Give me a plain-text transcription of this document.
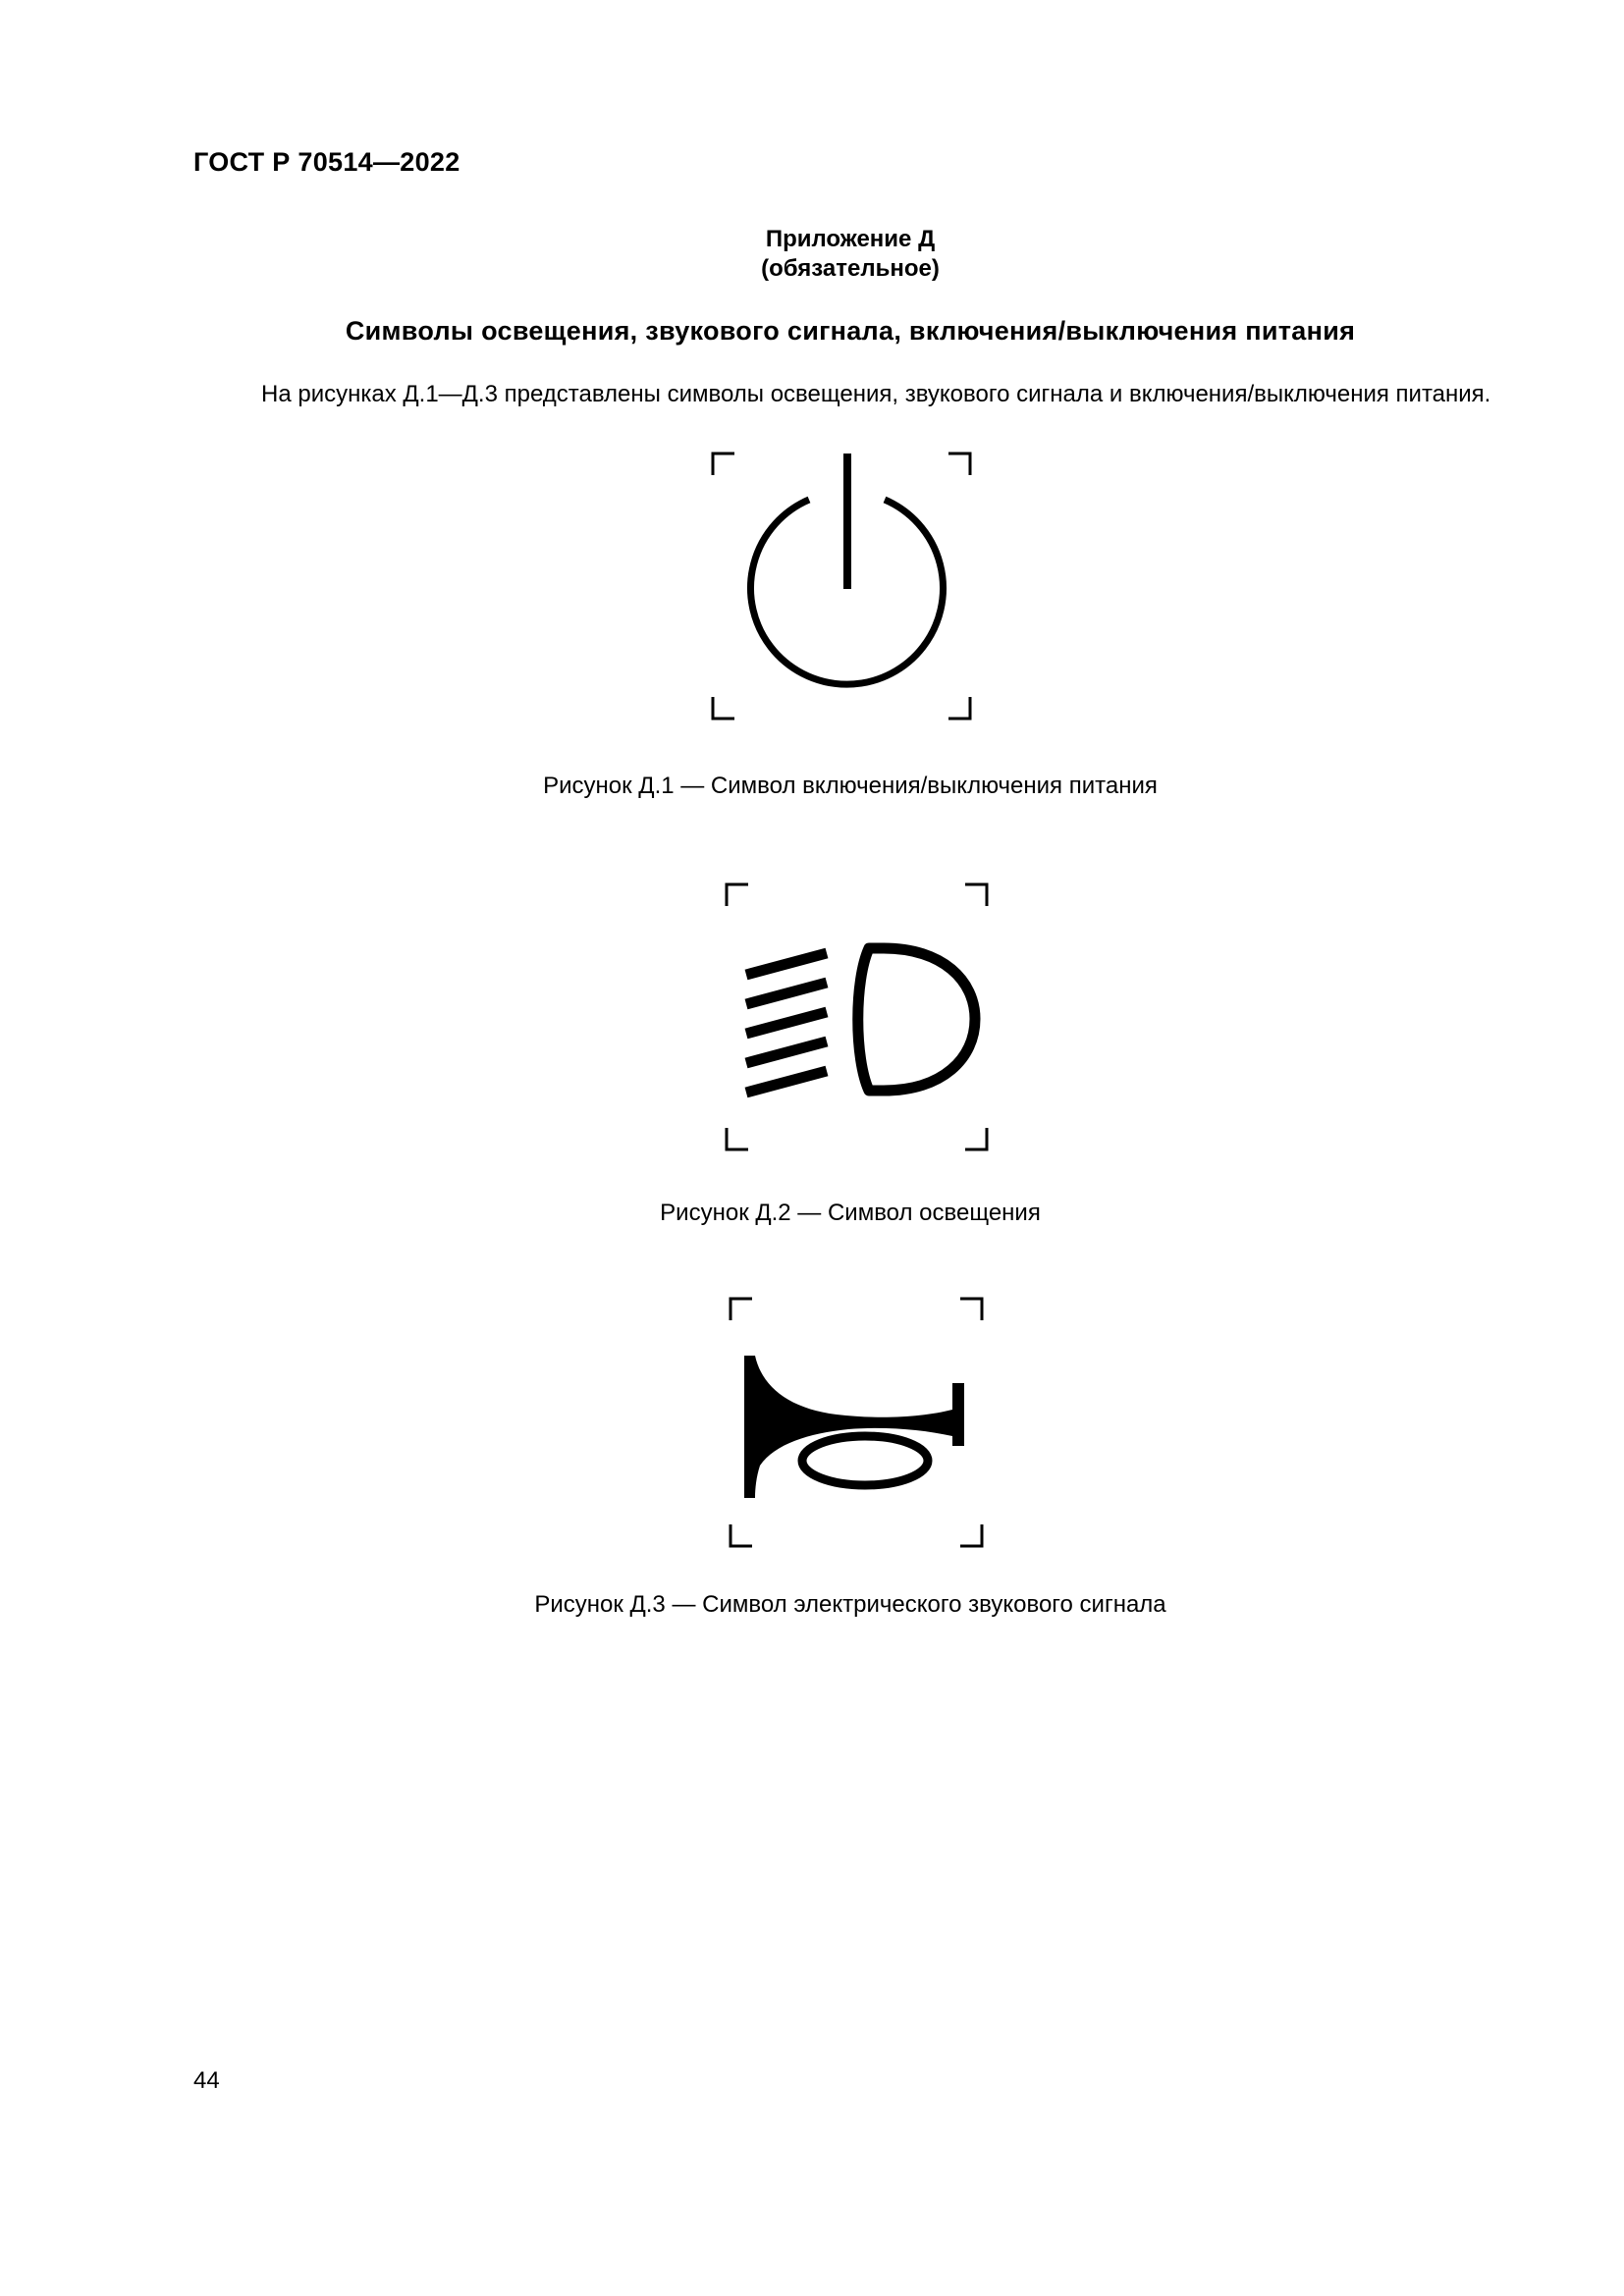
ГОСТ Р 70514—2022
Приложение Д
(обязательное)
Символы освещения, звукового сигнала, включения/выключения питания
На рисунках Д.1—Д.3 представлены символы освещения, звукового сигнала и включения/выключения питания.
Рисунок Д.1 — Символ включения/выключения питания
Рисунок Д.2 — Символ освещения
Рисунок Д.3 — Символ электрического звукового сигнала
44
